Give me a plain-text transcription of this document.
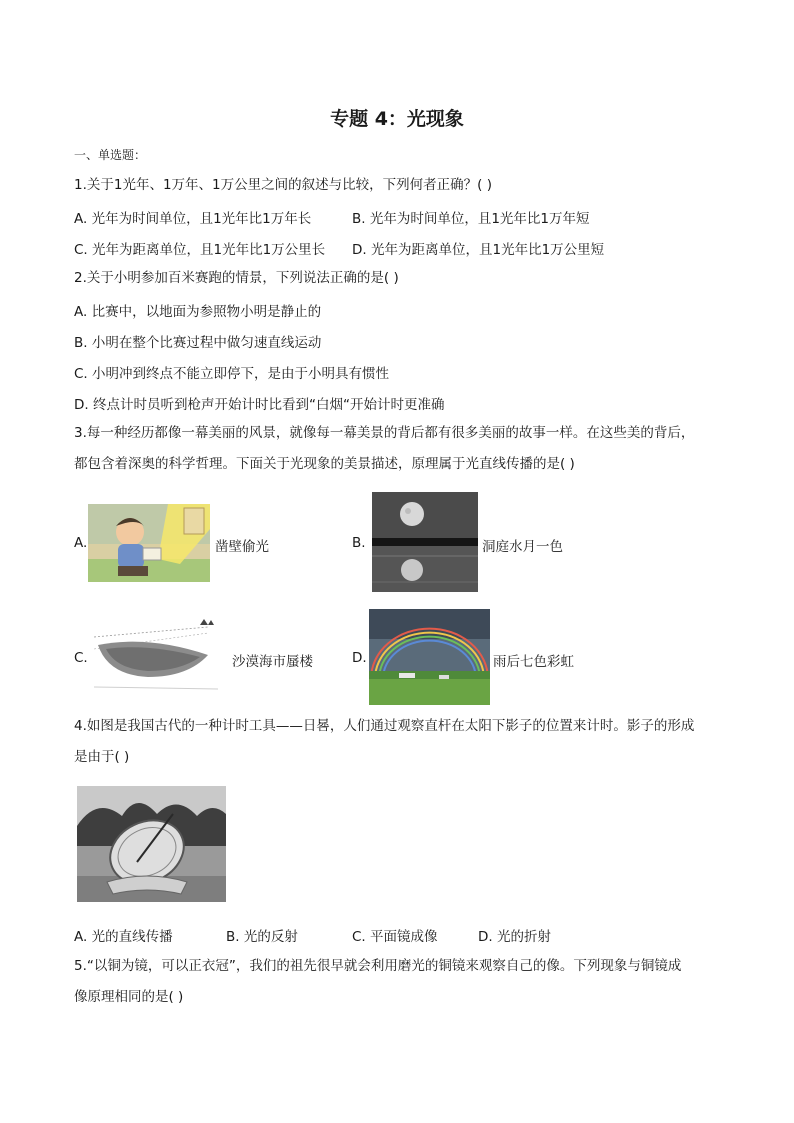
专题 4：光现象
一、单选题：
1.关于1光年、1万年、1万公里之间的叙述与比较，下列何者正确？( )
A. 光年为时间单位，且1光年比1万年长	B. 光年为时间单位，且1光年比1万年短
C. 光年为距离单位，且1光年比1万公里长 D. 光年为距离单位，且1光年比1万公里短
2.关于小明参加百米赛跑的情景，下列说法正确的是( )
A. 比赛中，以地面为参照物小明是静止的
B. 小明在整个比赛过程中做匀速直线运动
C. 小明冲到终点不能立即停下，是由于小明具有惯性
D. 终点计时员听到枪声开始计时比看到“白烟“开始计时更准确
3.每一种经历都像一幕美丽的风景，就像每一幕美景的背后都有很多美丽的故事一样。在这些美的背后，
都包含着深奥的科学哲理。下面关于光现象的美景描述，原理属于光直线传播的是( )
A.	凿壁偷光	B.	洞庭水月一色
C.	沙漠海市蜃楼	D.	雨后七色彩虹
4.如图是我国古代的一种计时工具——日晷，人们通过观察直杆在太阳下影子的位置来计时。影子的形成
是由于( )
A. 光的直线传播	B. 光的反射	C. 平面镜成像	D. 光的折射
5.“以铜为镜，可以正衣冠”，我们的祖先很早就会利用磨光的铜镜来观察自己的像。下列现象与铜镜成
像原理相同的是( )
